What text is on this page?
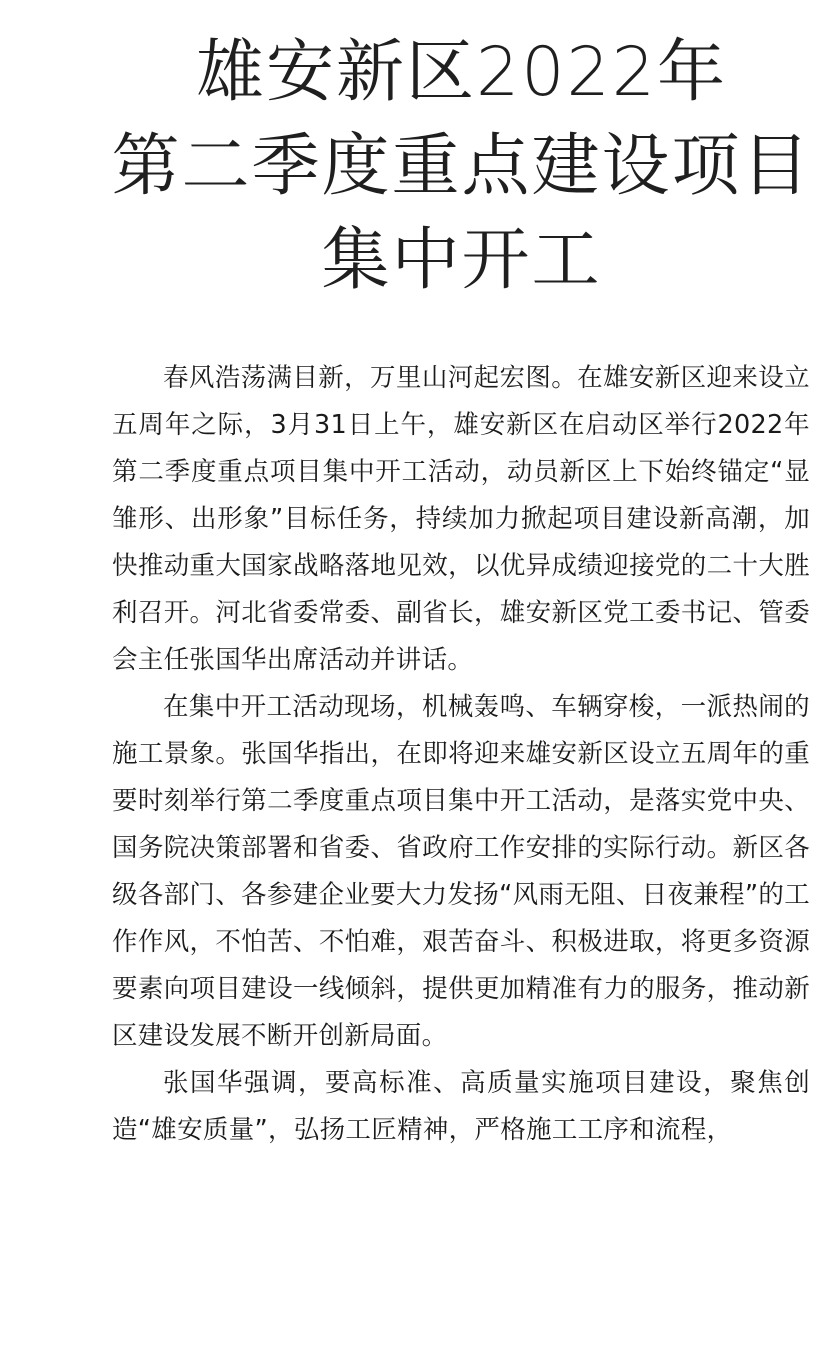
雄安新区2022年
第二季度重点建设项目
集中开工

春风浩荡满目新，万里山河起宏图。在雄安新区迎来设立五周年之际，3月31日上午，雄安新区在启动区举行2022年第二季度重点项目集中开工活动，动员新区上下始终锚定“显雏形、出形象”目标任务，持续加力掀起项目建设新高潮，加快推动重大国家战略落地见效，以优异成绩迎接党的二十大胜利召开。河北省委常委、副省长，雄安新区党工委书记、管委会主任张国华出席活动并讲话。

在集中开工活动现场，机械轰鸣、车辆穿梭，一派热闹的施工景象。张国华指出，在即将迎来雄安新区设立五周年的重要时刻举行第二季度重点项目集中开工活动，是落实党中央、国务院决策部署和省委、省政府工作安排的实际行动。新区各级各部门、各参建企业要大力发扬“风雨无阻、日夜兼程”的工作作风，不怕苦、不怕难，艰苦奋斗、积极进取，将更多资源要素向项目建设一线倾斜，提供更加精准有力的服务，推动新区建设发展不断开创新局面。

张国华强调，要高标准、高质量实施项目建设，聚焦创造“雄安质量”，弘扬工匠精神，严格施工工序和流程，
